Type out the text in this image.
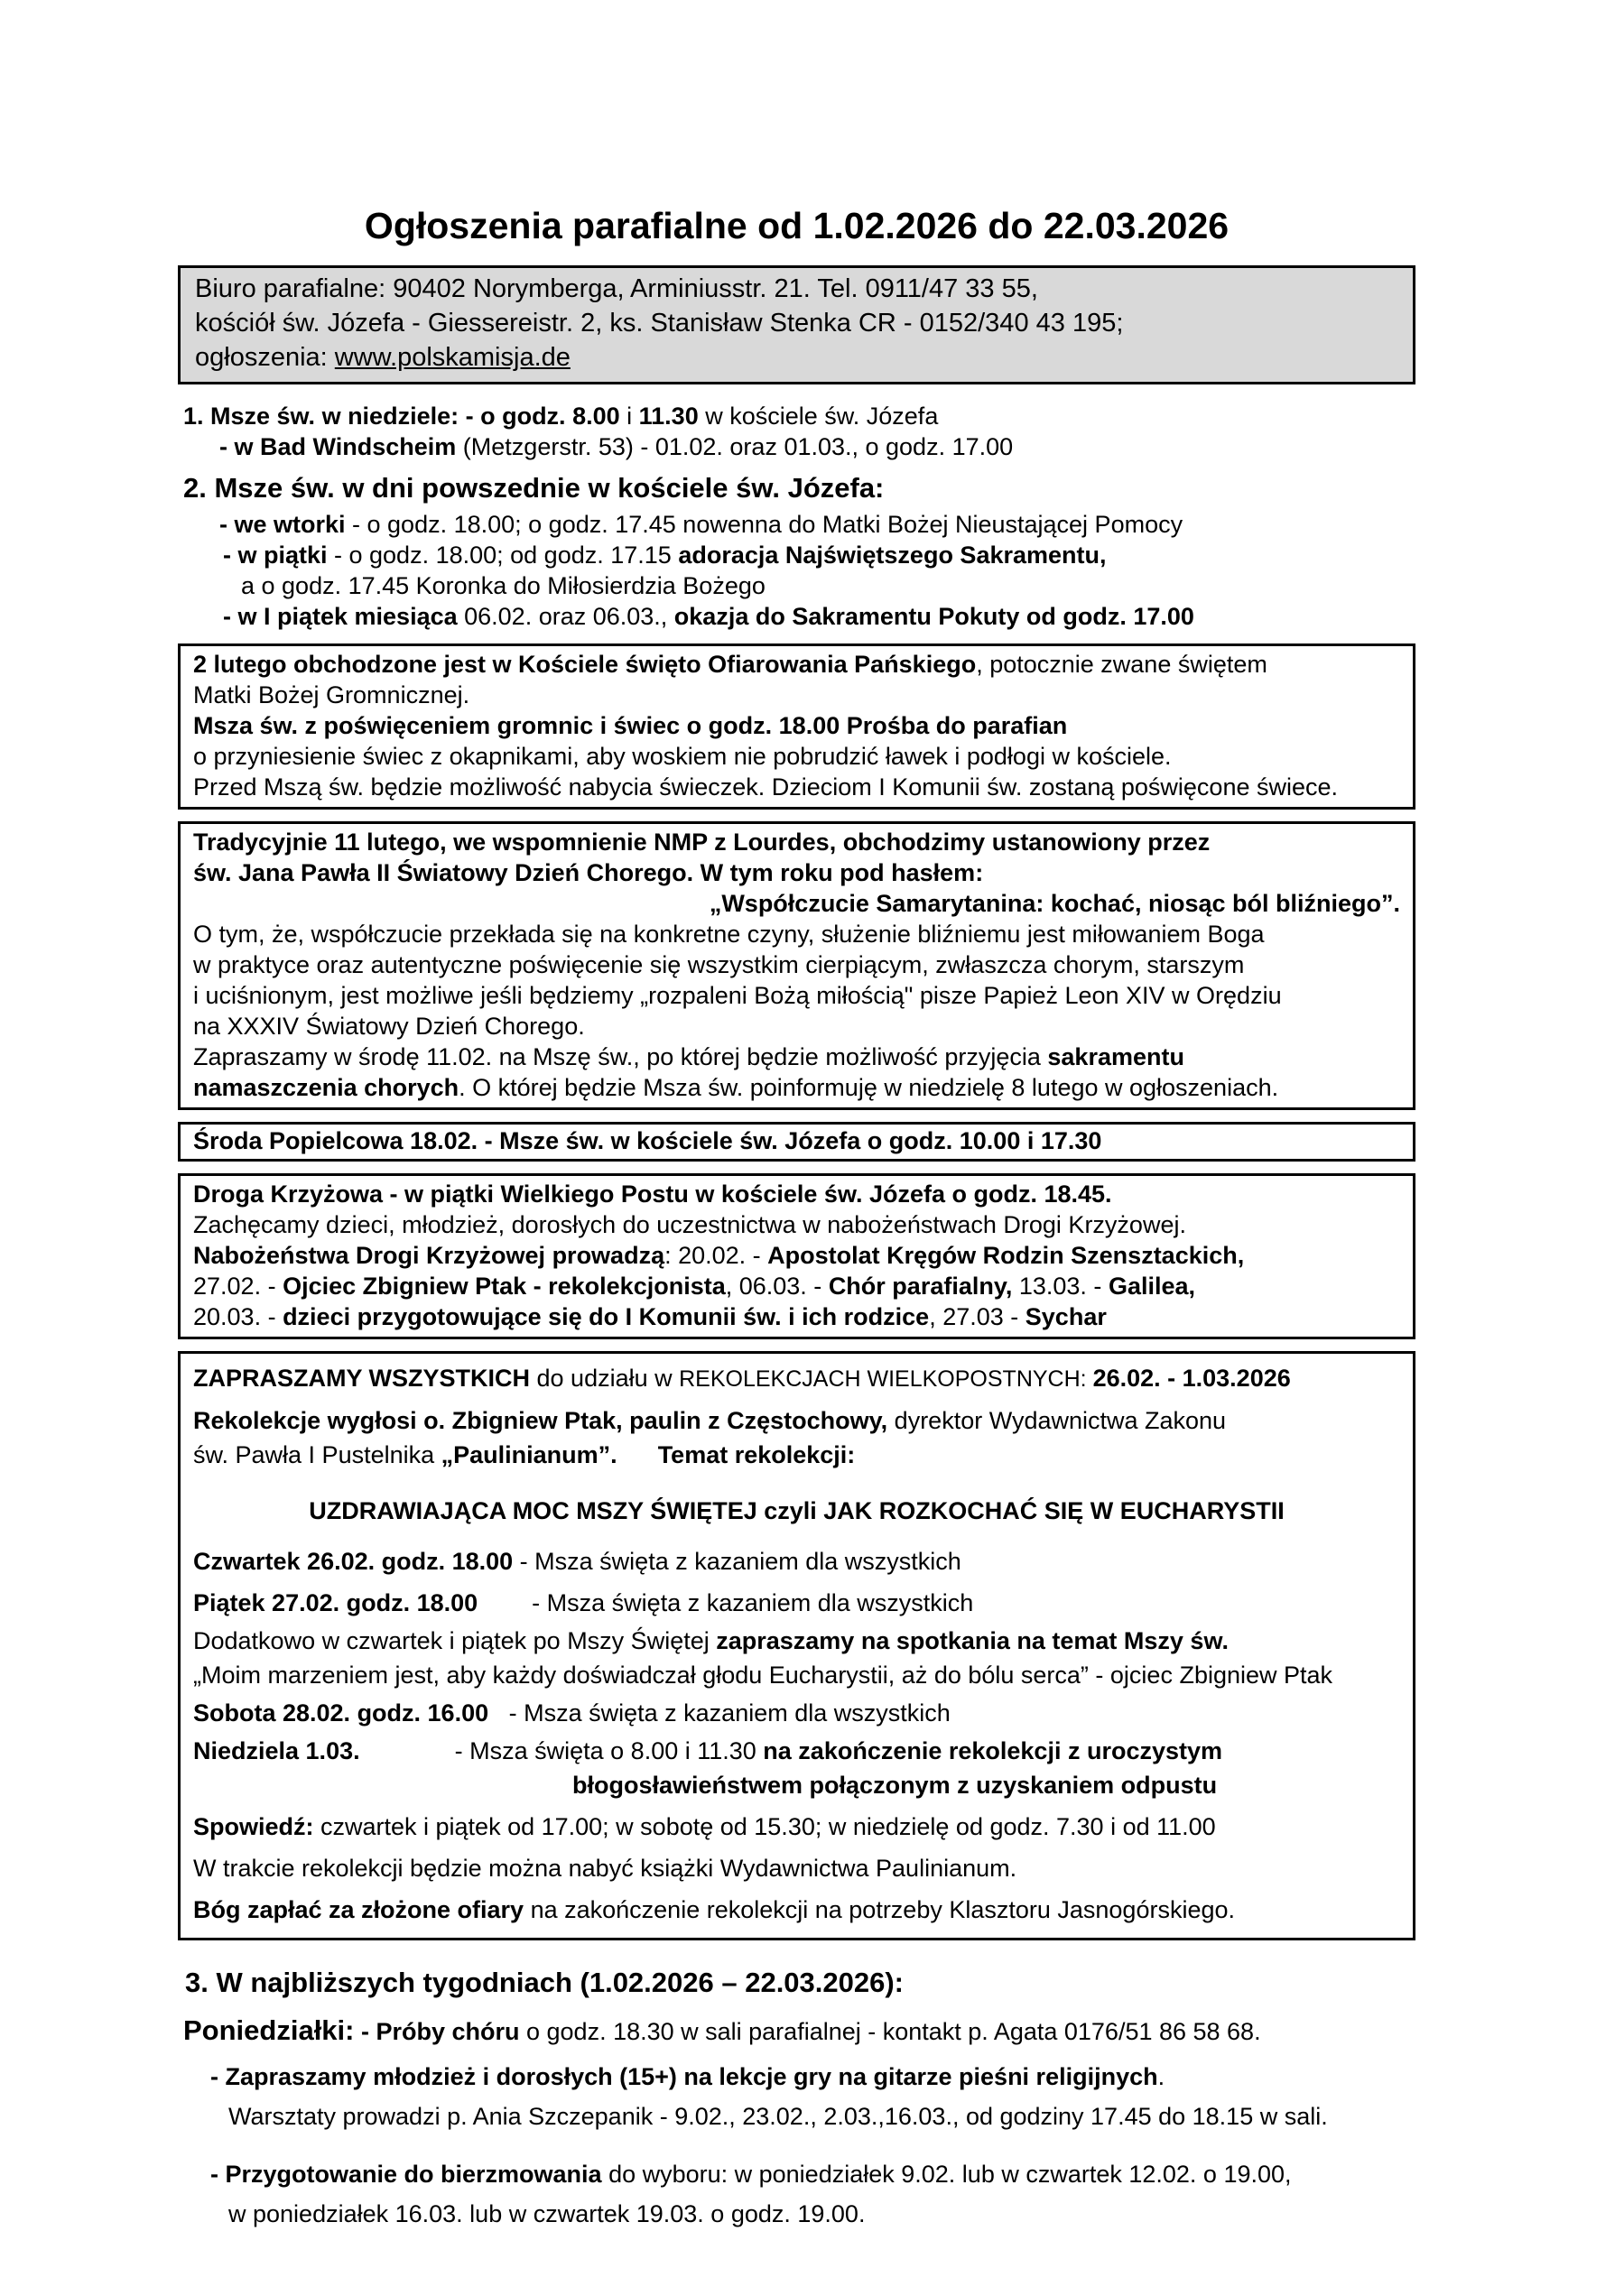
Ogłoszenia parafialne od 1.02.2026 do 22.03.2026
Biuro parafialne: 90402 Norymberga, Arminiusstr. 21. Tel. 0911/47 33 55,
kościół św. Józefa - Giessereistr. 2, ks. Stanisław Stenka CR - 0152/340 43 195;
ogłoszenia: www.polskamisja.de
1. Msze św. w niedziele: - o godz. 8.00 i 11.30 w kościele św. Józefa
- w Bad Windscheim (Metzgerstr. 53) - 01.02. oraz 01.03., o godz. 17.00
2. Msze św. w dni powszednie w kościele św. Józefa:
- we wtorki - o godz. 18.00; o godz. 17.45 nowenna do Matki Bożej Nieustającej Pomocy
- w piątki - o godz. 18.00; od godz. 17.15 adoracja Najświętszego Sakramentu,
a o godz. 17.45 Koronka do Miłosierdzia Bożego
- w I piątek miesiąca 06.02. oraz 06.03., okazja do Sakramentu Pokuty od godz. 17.00
2 lutego obchodzone jest w Kościele święto Ofiarowania Pańskiego, potocznie zwane świętem
Matki Bożej Gromnicznej.
Msza św. z poświęceniem gromnic i świec o godz. 18.00 Prośba do parafian
o przyniesienie świec z okapnikami, aby woskiem nie pobrudzić ławek i podłogi w kościele.
Przed Mszą św. będzie możliwość nabycia świeczek. Dzieciom I Komunii św. zostaną poświęcone świece.
Tradycyjnie 11 lutego, we wspomnienie NMP z Lourdes, obchodzimy ustanowiony przez
św. Jana Pawła II Światowy Dzień Chorego. W tym roku pod hasłem:
„Współczucie Samarytanina: kochać, niosąc ból bliźniego”.
O tym, że, współczucie przekłada się na konkretne czyny, służenie bliźniemu jest miłowaniem Boga
w praktyce oraz autentyczne poświęcenie się wszystkim cierpiącym, zwłaszcza chorym, starszym
i uciśnionym, jest możliwe jeśli będziemy „rozpaleni Bożą miłością" pisze Papież Leon XIV w Orędziu
na XXXIV Światowy Dzień Chorego.
Zapraszamy w środę 11.02. na Mszę św., po której będzie możliwość przyjęcia sakramentu
namaszczenia chorych. O której będzie Msza św. poinformuję w niedzielę 8 lutego w ogłoszeniach.
Środa Popielcowa 18.02. - Msze św. w kościele św. Józefa o godz. 10.00 i 17.30
Droga Krzyżowa - w piątki Wielkiego Postu w kościele św. Józefa o godz. 18.45.
Zachęcamy dzieci, młodzież, dorosłych do uczestnictwa w nabożeństwach Drogi Krzyżowej.
Nabożeństwa Drogi Krzyżowej prowadzą: 20.02. - Apostolat Kręgów Rodzin Szensztackich,
27.02. - Ojciec Zbigniew Ptak - rekolekcjonista, 06.03. - Chór parafialny, 13.03. - Galilea,
20.03. - dzieci przygotowujące się do I Komunii św. i ich rodzice, 27.03 - Sychar
ZAPRASZAMY WSZYSTKICH do udziału w REKOLEKCJACH WIELKOPOSTNYCH: 26.02. - 1.03.2026
Rekolekcje wygłosi o. Zbigniew Ptak, paulin z Częstochowy, dyrektor Wydawnictwa Zakonu
św. Pawła I Pustelnika „Paulinianum”. Temat rekolekcji:
UZDRAWIAJĄCA MOC MSZY ŚWIĘTEJ czyli JAK ROZKOCHAĆ SIĘ W EUCHARYSTII
Czwartek 26.02. godz. 18.00 - Msza święta z kazaniem dla wszystkich
Piątek 27.02. godz. 18.00        - Msza święta z kazaniem dla wszystkich
Dodatkowo w czwartek i piątek po Mszy Świętej zapraszamy na spotkania na temat Mszy św.
„Moim marzeniem jest, aby każdy doświadczał głodu Eucharystii, aż do bólu serca” - ojciec Zbigniew Ptak
Sobota 28.02. godz. 16.00   - Msza święta z kazaniem dla wszystkich
Niedziela 1.03.              - Msza święta o 8.00 i 11.30 na zakończenie rekolekcji z uroczystym
błogosławieństwem połączonym z uzyskaniem odpustu
Spowiedź: czwartek i piątek od 17.00; w sobotę od 15.30; w niedzielę od godz. 7.30 i od 11.00
W trakcie rekolekcji będzie można nabyć książki Wydawnictwa Paulinianum.
Bóg zapłać za złożone ofiary na zakończenie rekolekcji na potrzeby Klasztoru Jasnogórskiego.
3. W najbliższych tygodniach (1.02.2026 – 22.03.2026):
Poniedziałki: - Próby chóru o godz. 18.30 w sali parafialnej - kontakt p. Agata 0176/51 86 58 68.
- Zapraszamy młodzież i dorosłych (15+) na lekcje gry na gitarze pieśni religijnych.
Warsztaty prowadzi p. Ania Szczepanik - 9.02., 23.02., 2.03.,16.03., od godziny 17.45 do 18.15 w sali.
- Przygotowanie do bierzmowania do wyboru: w poniedziałek 9.02. lub w czwartek 12.02. o 19.00,
w poniedziałek 16.03. lub w czwartek 19.03. o godz. 19.00.
